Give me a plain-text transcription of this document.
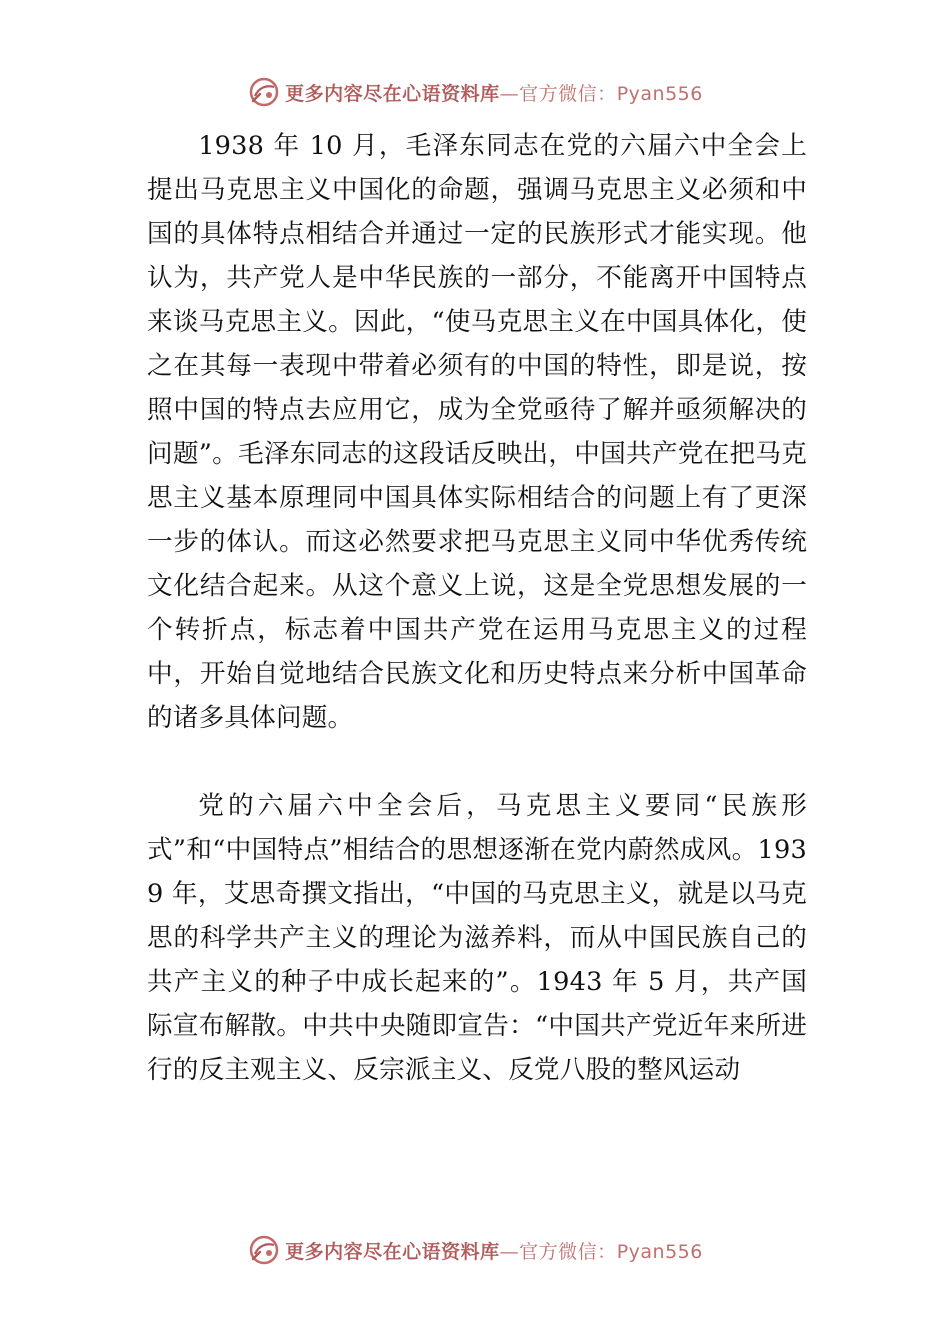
更多内容尽在心语资料库—官方微信：Pyan556

1938 年 10 月，毛泽东同志在党的六届六中全会上提出马克思主义中国化的命题，强调马克思主义必须和中国的具体特点相结合并通过一定的民族形式才能实现。他认为，共产党人是中华民族的一部分，不能离开中国特点来谈马克思主义。因此，“使马克思主义在中国具体化，使之在其每一表现中带着必须有的中国的特性，即是说，按照中国的特点去应用它，成为全党亟待了解并亟须解决的问题”。毛泽东同志的这段话反映出，中国共产党在把马克思主义基本原理同中国具体实际相结合的问题上有了更深一步的体认。而这必然要求把马克思主义同中华优秀传统文化结合起来。从这个意义上说，这是全党思想发展的一个转折点，标志着中国共产党在运用马克思主义的过程中，开始自觉地结合民族文化和历史特点来分析中国革命的诸多具体问题。

党的六届六中全会后，马克思主义要同“民族形式”和“中国特点”相结合的思想逐渐在党内蔚然成风。1939 年，艾思奇撰文指出，“中国的马克思主义，就是以马克思的科学共产主义的理论为滋养料，而从中国民族自己的共产主义的种子中成长起来的”。1943 年 5 月，共产国际宣布解散。中共中央随即宣告：“中国共产党近年来所进行的反主观主义、反宗派主义、反党八股的整风运动

更多内容尽在心语资料库—官方微信：Pyan556
